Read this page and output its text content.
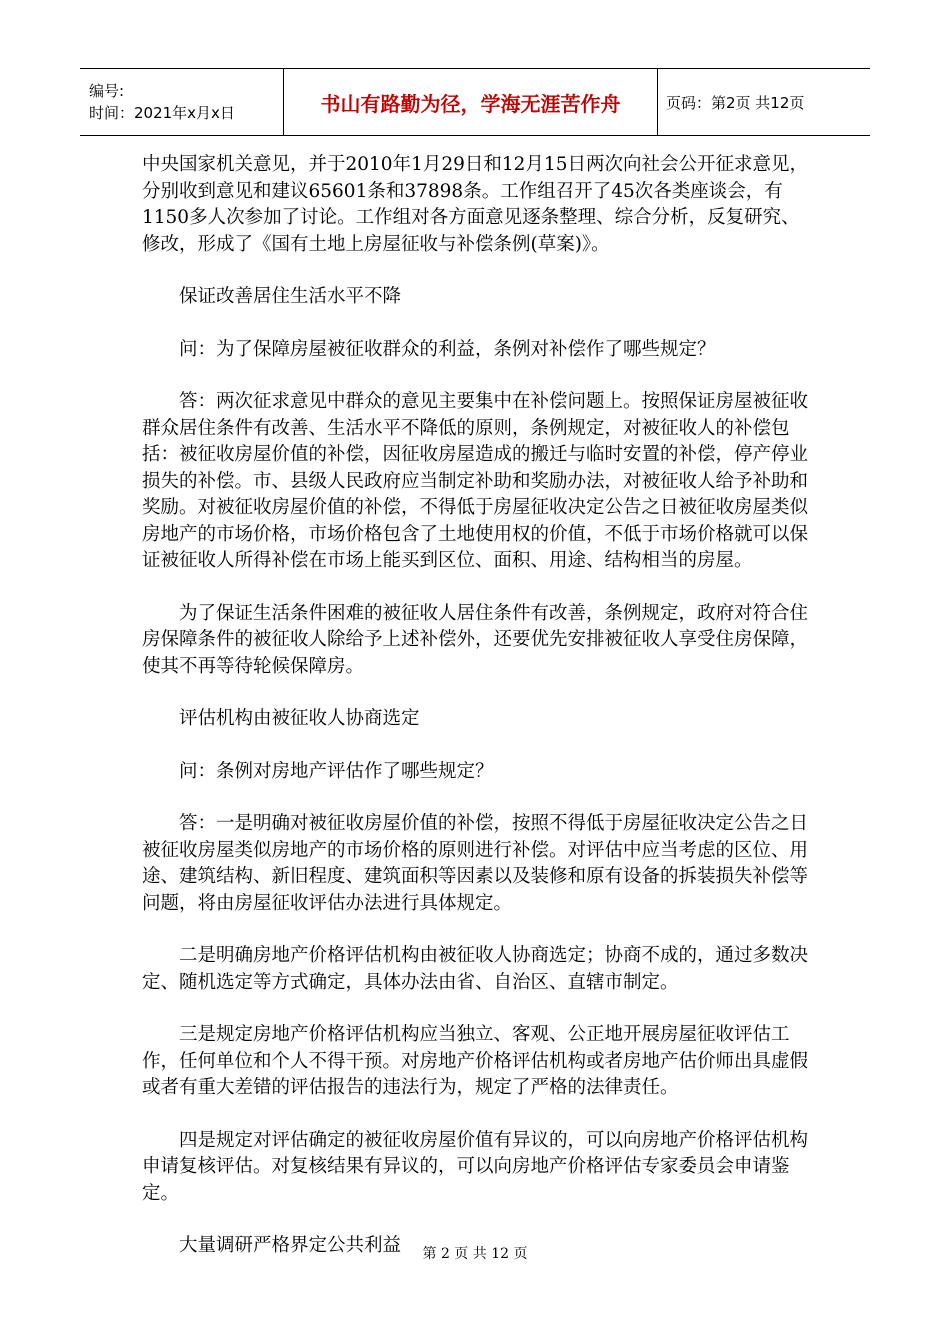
编号:
时间：2021年x月x日	书山有路勤为径，学海无涯苦作舟	页码：第2页 共12页

中央国家机关意见，并于2010年1月29日和12月15日两次向社会公开征求意见，分别收到意见和建议65601条和37898条。工作组召开了45次各类座谈会，有1150多人次参加了讨论。工作组对各方面意见逐条整理、综合分析，反复研究、修改，形成了《国有土地上房屋征收与补偿条例(草案)》。

保证改善居住生活水平不降

问：为了保障房屋被征收群众的利益，条例对补偿作了哪些规定？

答：两次征求意见中群众的意见主要集中在补偿问题上。按照保证房屋被征收群众居住条件有改善、生活水平不降低的原则，条例规定，对被征收人的补偿包括：被征收房屋价值的补偿，因征收房屋造成的搬迁与临时安置的补偿，停产停业损失的补偿。市、县级人民政府应当制定补助和奖励办法，对被征收人给予补助和奖励。对被征收房屋价值的补偿，不得低于房屋征收决定公告之日被征收房屋类似房地产的市场价格，市场价格包含了土地使用权的价值，不低于市场价格就可以保证被征收人所得补偿在市场上能买到区位、面积、用途、结构相当的房屋。

为了保证生活条件困难的被征收人居住条件有改善，条例规定，政府对符合住房保障条件的被征收人除给予上述补偿外，还要优先安排被征收人享受住房保障，使其不再等待轮候保障房。

评估机构由被征收人协商选定

问：条例对房地产评估作了哪些规定？

答：一是明确对被征收房屋价值的补偿，按照不得低于房屋征收决定公告之日被征收房屋类似房地产的市场价格的原则进行补偿。对评估中应当考虑的区位、用途、建筑结构、新旧程度、建筑面积等因素以及装修和原有设备的拆装损失补偿等问题，将由房屋征收评估办法进行具体规定。

二是明确房地产价格评估机构由被征收人协商选定；协商不成的，通过多数决定、随机选定等方式确定，具体办法由省、自治区、直辖市制定。

三是规定房地产价格评估机构应当独立、客观、公正地开展房屋征收评估工作，任何单位和个人不得干预。对房地产价格评估机构或者房地产估价师出具虚假或者有重大差错的评估报告的违法行为，规定了严格的法律责任。

四是规定对评估确定的被征收房屋价值有异议的，可以向房地产价格评估机构申请复核评估。对复核结果有异议的，可以向房地产价格评估专家委员会申请鉴定。

大量调研严格界定公共利益	第 2 页 共 12 页
